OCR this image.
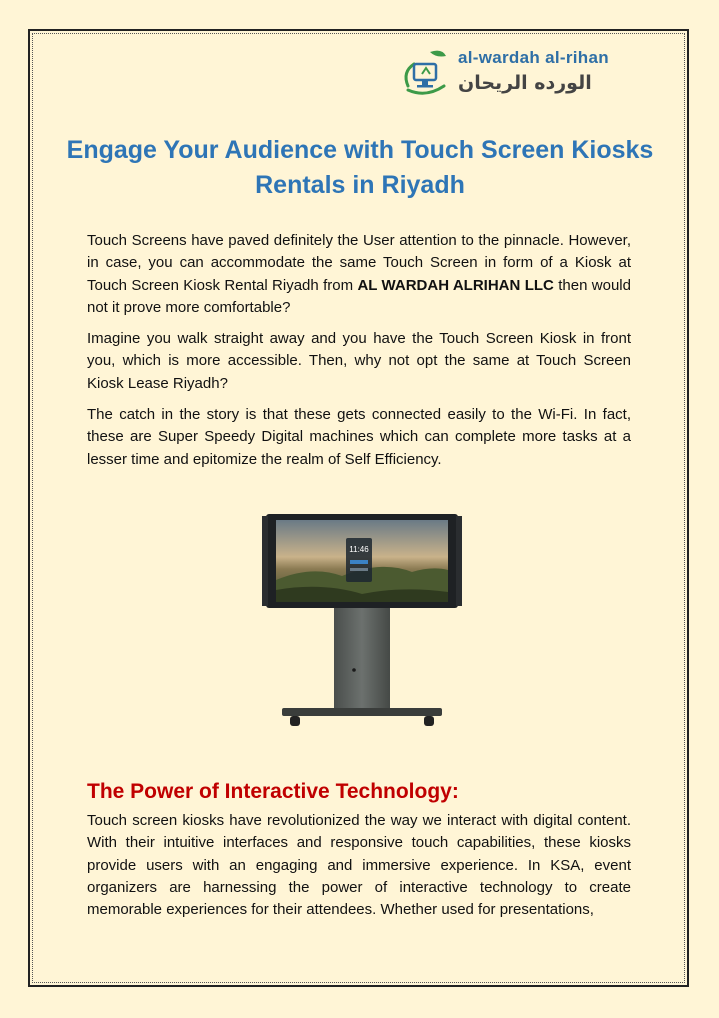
al-wardah al-rihan
الورده الريحان
Engage Your Audience with Touch Screen Kiosks
Rentals in Riyadh
Touch Screens have paved definitely the User attention to the pinnacle. However, in case, you can accommodate the same Touch Screen in form of a Kiosk at Touch Screen Kiosk Rental Riyadh from AL WARDAH ALRIHAN LLC then would not it prove more comfortable?
Imagine you walk straight away and you have the Touch Screen Kiosk in front you, which is more accessible. Then, why not opt the same at Touch Screen Kiosk Lease Riyadh?
The catch in the story is that these gets connected easily to the Wi-Fi. In fact, these are Super Speedy Digital machines which can complete more tasks at a lesser time and epitomize the realm of Self Efficiency.
11:46
The Power of Interactive Technology:
Touch screen kiosks have revolutionized the way we interact with digital content. With their intuitive interfaces and responsive touch capabilities, these kiosks provide users with an engaging and immersive experience. In KSA, event organizers are harnessing the power of interactive technology to create memorable experiences for their attendees. Whether used for presentations,
